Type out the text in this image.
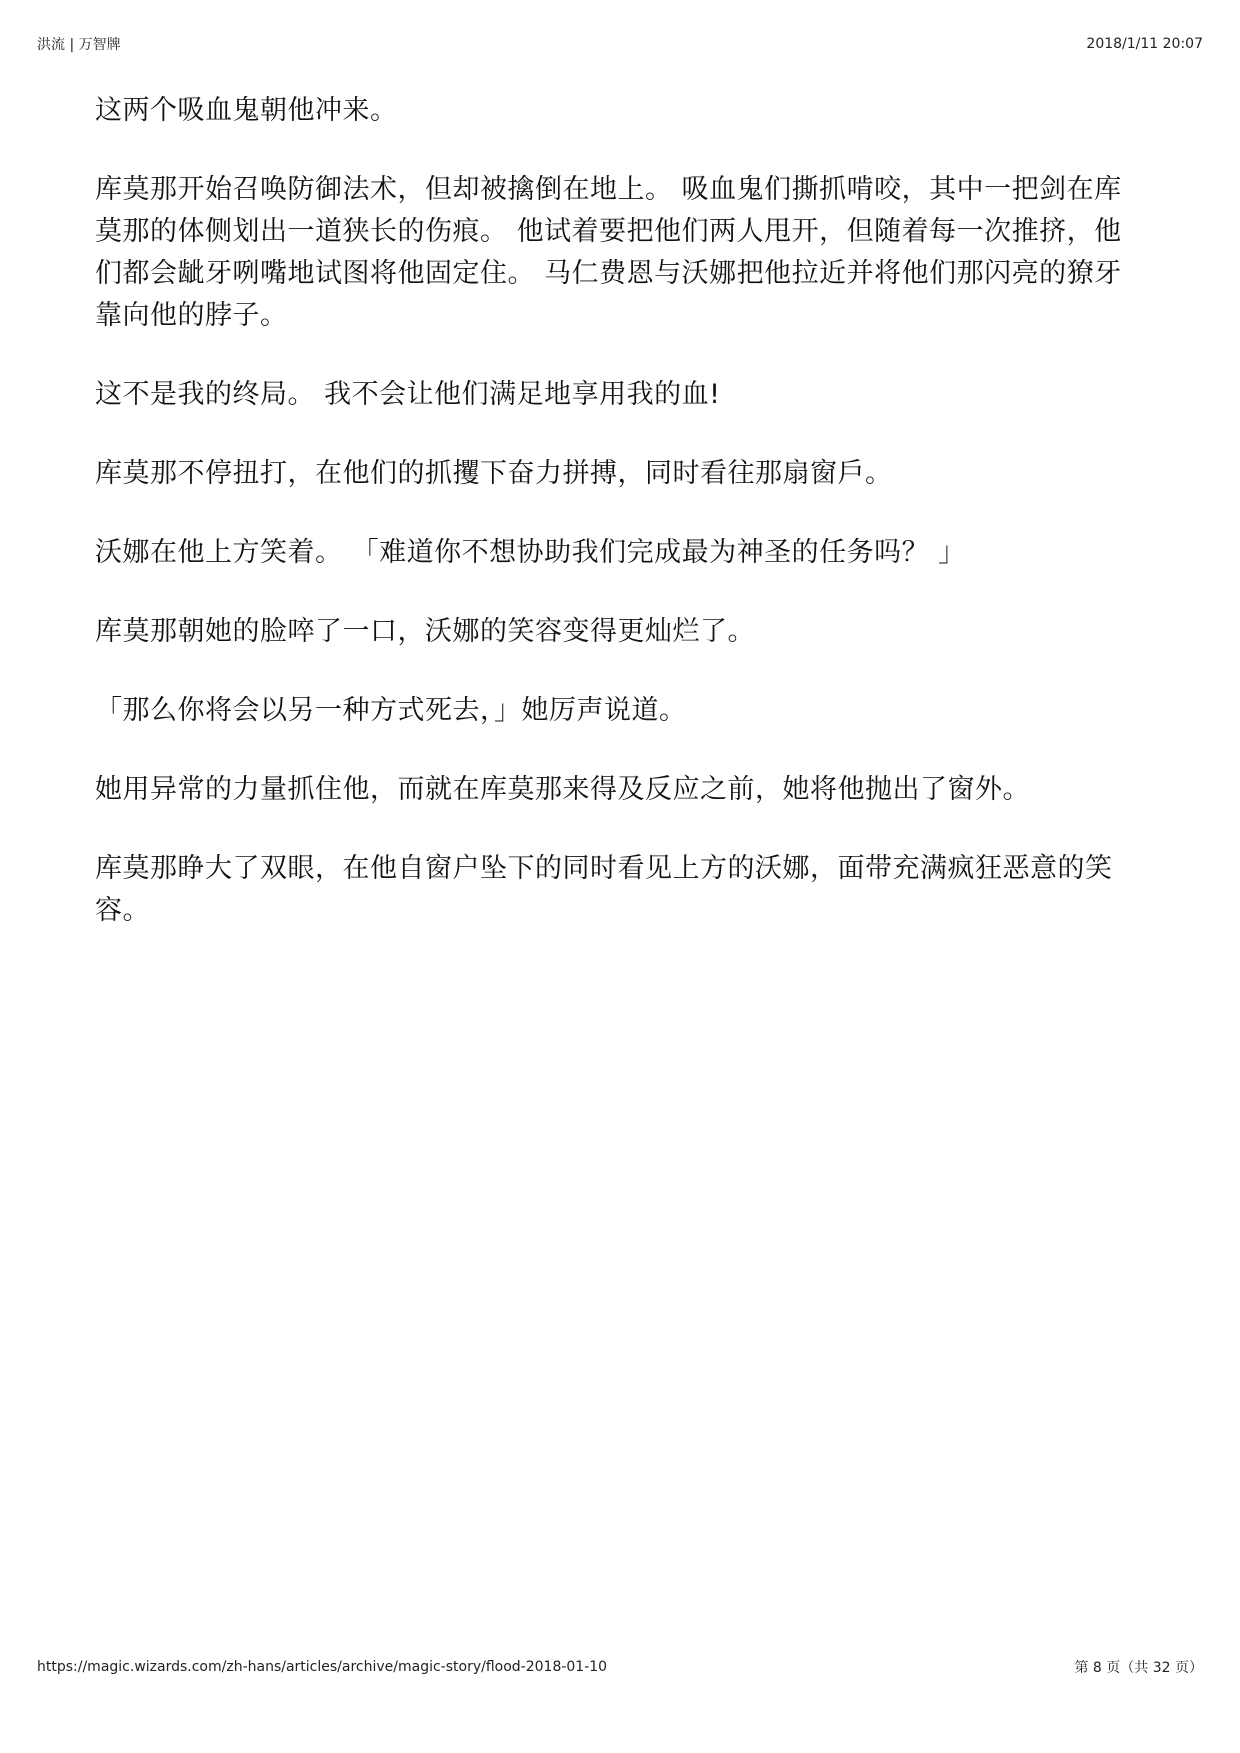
洪流 | 万智牌	2018/1/11 20:07

这两个吸血鬼朝他冲来。

库莫那开始召唤防御法术，但却被擒倒在地上。 吸血鬼们撕抓啃咬，其中一把剑在库莫那的体侧划出一道狭长的伤痕。 他试着要把他们两人甩开，但随着每一次推挤，他们都会龇牙咧嘴地试图将他固定住。 马仁费恩与沃娜把他拉近并将他们那闪亮的獠牙靠向他的脖子。

这不是我的终局。 我不会让他们满足地享用我的血!

库莫那不停扭打，在他们的抓攫下奋力拼搏，同时看往那扇窗戶。

沃娜在他上方笑着。 「难道你不想协助我们完成最为神圣的任务吗？ 」

库莫那朝她的脸啐了一口，沃娜的笑容变得更灿烂了。

「那么你将会以另一种方式死去，」她厉声说道。

她用异常的力量抓住他，而就在库莫那来得及反应之前，她将他抛出了窗外。

库莫那睁大了双眼，在他自窗户坠下的同时看见上方的沃娜，面带充满疯狂恶意的笑容。

https://magic.wizards.com/zh-hans/articles/archive/magic-story/flood-2018-01-10	第 8 页（共 32 页）
